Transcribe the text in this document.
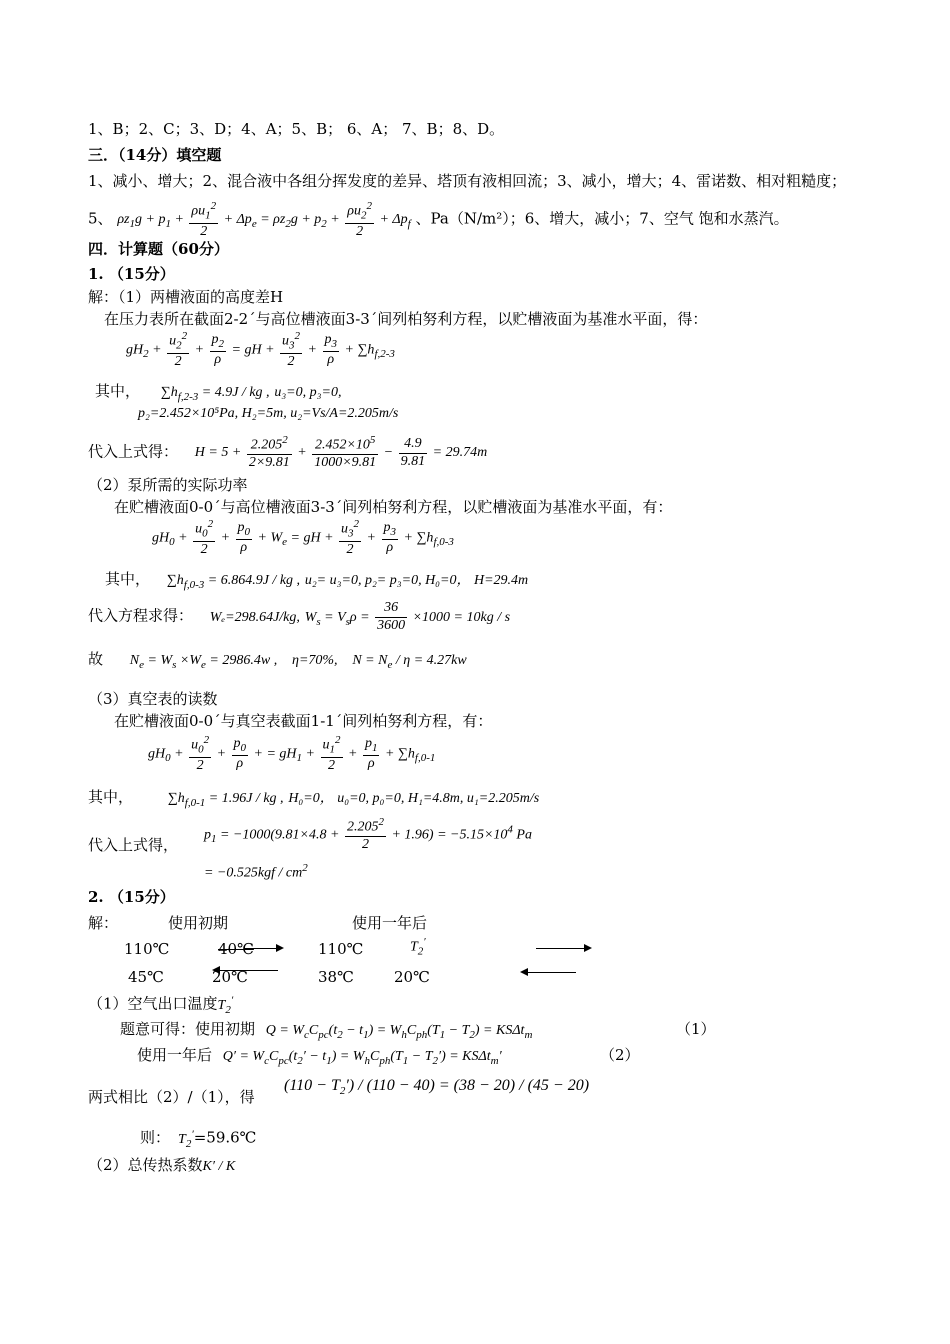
1、B；2、C；3、D；4、A；5、B； 6、A； 7、B；8、D。
三．（14分）填空题
1、减小、增大；2、混合液中各组分挥发度的差异、塔顶有液相回流；3、减小，增大；4、雷诺数、相对粗糙度；
5、 $\rho z_1g + p_1 + \frac{\rho u_1^2}{2} + \Delta p_e = \rho z_2g + p_2 + \frac{\rho u_2^2}{2} + \Delta p_f$ 、Pa（N/m²）；6、增大，减小；7、空气 饱和水蒸汽。
四．计算题（60分）
1. （15分）
解：（1）两槽液面的高度差H
在压力表所在截面2-2´与高位槽液面3-3´间列柏努利方程，以贮槽液面为基准水平面，得：
$gH_2 + \frac{u_2^2}{2} + \frac{p_2}{\rho}$ = gH + $\frac{u_3^2}{2} + \frac{p_3}{\rho} + \sum h_{f,2-3}$
其中， $\sum h_{f,2-3} = 4.9J$ / kg , u₃=0, p₃=0,
p₂=2.452×10⁵Pa, H₂=5m, u₂=Vs/A=2.205m/s
代入上式得： $H = 5 + \frac{2.205^2}{2\times 9.81} + \frac{2.452\times 10^5}{1000\times 9.81} - \frac{4.9}{9.81} = 29.74m$
（2）泵所需的实际功率
在贮槽液面0-0´与高位槽液面3-3´间列柏努利方程，以贮槽液面为基准水平面，有：
$gH_0 + \frac{u_0^2}{2} + \frac{p_0}{\rho} + W_e$ = gH + $\frac{u_3^2}{2} + \frac{p_3}{\rho} + \sum h_{f,0-3}$
其中， $\sum h_{f,0-3} = 6.864.9J$ / kg , u₂= u₃=0, p₂= p₃=0, H₀=0， H=29.4m
代入方程求得： Wₑ=298.64J/kg, $W_s = V_s\rho = \frac{36}{3600} \times 1000 = 10kg / s$
故 $N_e = W_s \times W_e = 2986.4w$ , η=70%, $N = N_e / \eta = 4.27kw$
（3）真空表的读数
在贮槽液面0-0´与真空表截面1-1´间列柏努利方程，有：
$gH_0 + \frac{u_0^2}{2} + \frac{p_0}{\rho}$ + = $gH_1 + \frac{u_1^2}{2} + \frac{p_1}{\rho} + \sum h_{f,0-1}$
其中， $\sum h_{f,0-1} = 1.96J$ / kg , H₀=0， u₀=0, p₀=0, H₁=4.8m, u₁=2.205m/s
代入上式得，
$p_1 = -1000(9.81\times 4.8 + \frac{2.205^2}{2} + 1.96) = -5.15\times 10^4$ Pa
= $-0.525kgf / cm^2$
2. （15分）
解：	使用初期	使用一年后
110℃	40℃	110℃	$T_2'$
45℃	20℃	38℃	20℃
（1）空气出口温度$T_2'$
题意可得：使用初期 $Q = W_cC_{pc}(t_2 - t_1) = W_hC_{ph}(T_1 - T_2) = KS\Delta t_m$	（1）
使用一年后 $Q' = W_cC_{pc}(t_2' - t_1) = W_hC_{ph}(T_1 - T_2') = KS\Delta t_m'$	（2）
两式相比（2）/（1），得
$(110 - T_2') / (110 - 40) = (38 - 20) / (45 - 20)$
则： $T_2'=59.6℃$
（2）总传热系数K′ / K
